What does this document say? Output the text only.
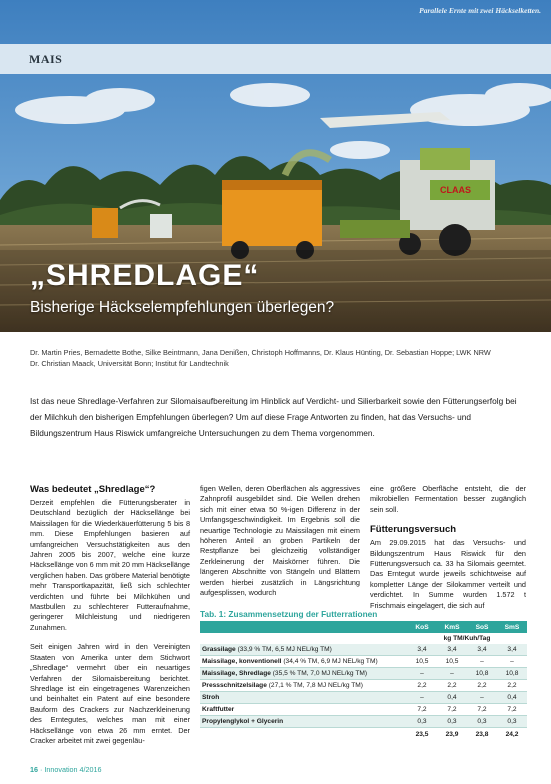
CLAAS
Parallele Ernte mit zwei Häckselketten.
MAIS
„SHREDLAGE“
Bisherige Häckselempfehlungen überlegen?
Dr. Martin Pries, Bernadette Bothe, Silke Beintmann, Jana Denißen, Christoph Hoffmanns, Dr. Klaus Hünting, Dr. Sebastian Hoppe; LWK NRW
Dr. Christian Maack, Universität Bonn; Institut für Landtechnik
Ist das neue Shredlage-Verfahren zur Silomaisaufbereitung im Hinblick auf Verdicht- und Silierbarkeit sowie den Fütterungserfolg bei der Milchkuh den bisherigen Empfehlungen überlegen? Um auf diese Frage Antworten zu finden, hat das Versuchs- und Bildungszentrum Haus Riswick umfangreiche Untersuchungen zu dem Thema vorgenommen.
Was bedeutet „Shredlage“?

Derzeit empfehlen die Fütterungsberater in Deutschland bezüglich der Häcksellänge bei Maissilagen für die Wiederkäuerfütterung 5 bis 8 mm. Diese Empfehlungen basieren auf umfangreichen Versuchstätigkeiten aus den Jahren 2005 bis 2007, welche eine kurze Häcksellänge von 6 mm mit 20 mm Häcksellänge verglichen haben. Das gröbere Material benötigte mehr Transportkapazität, ließ sich schlechter verdichten und führte bei Milchkühen und Mastbullen zu schlechterer Futteraufnahme, geringerer Milchleistung und niedrigeren Zunahmen.

Seit einigen Jahren wird in den Vereinigten Staaten von Amerika unter dem Stichwort „Shredlage“ vermehrt über ein neuartiges Verfahren der Silomaisbereitung berichtet. Shredlage ist ein eingetragenes Warenzeichen und beinhaltet ein Patent auf eine besondere Bauform des Crackers zur Nachzerkleinerung des Erntegutes, welches man mit einer Häcksellänge von etwa 26 mm erntet. Der Cracker arbeitet mit zwei gegenläu-

figen Wellen, deren Oberflächen als aggressives Zahnprofil ausgebildet sind. Die Wellen drehen sich mit einer etwa 50 %-igen Differenz in der Umfangsgeschwindigkeit. Im Ergebnis soll die neuartige Technologie zu Maissilagen mit einem höheren Anteil an groben Partikeln der Restpflanze bei gleichzeitig vollständiger Zerkleinerung der Maiskörner führen. Die längeren Abschnitte von Stängeln und Blättern werden hierbei zusätzlich in Längsrichtung aufgesplissen, wodurch

eine größere Oberfläche entsteht, die der mikrobiellen Fermentation besser zugänglich sein soll.

Fütterungsversuch

Am 29.09.2015 hat das Versuchs- und Bildungszentrum Haus Riswick für den Fütterungsversuch ca. 33 ha Silomais geerntet. Das Erntegut wurde jeweils schichtweise auf kompletter Länge der Silokammer verteilt und verdichtet. In Summe wurden 1.572 t Frischmais eingelagert, die sich auf

Tab. 1: Zusammensetzung der Futterrationen
	KoS	KmS	SoS	SmS
	kg TM/Kuh/Tag			
Grassilage (33,9 % TM, 6,5 MJ NEL/kg TM)	3,4	3,4	3,4	3,4
Maissilage, konventionell (34,4 % TM, 6,9 MJ NEL/kg TM)	10,5	10,5	–	–
Maissilage, Shredlage (35,5 % TM, 7,0 MJ NEL/kg TM)	–	–	10,8	10,8
Pressschnitzelsilage (27,1 % TM, 7,8 MJ NEL/kg TM)	2,2	2,2	2,2	2,2
Stroh	–	0,4	–	0,4
Kraftfutter	7,2	7,2	7,2	7,2
Propylenglykol + Glycerin	0,3	0,3	0,3	0,3
	23,5	23,9	23,8	24,2
16 · Innovation 4/2016
